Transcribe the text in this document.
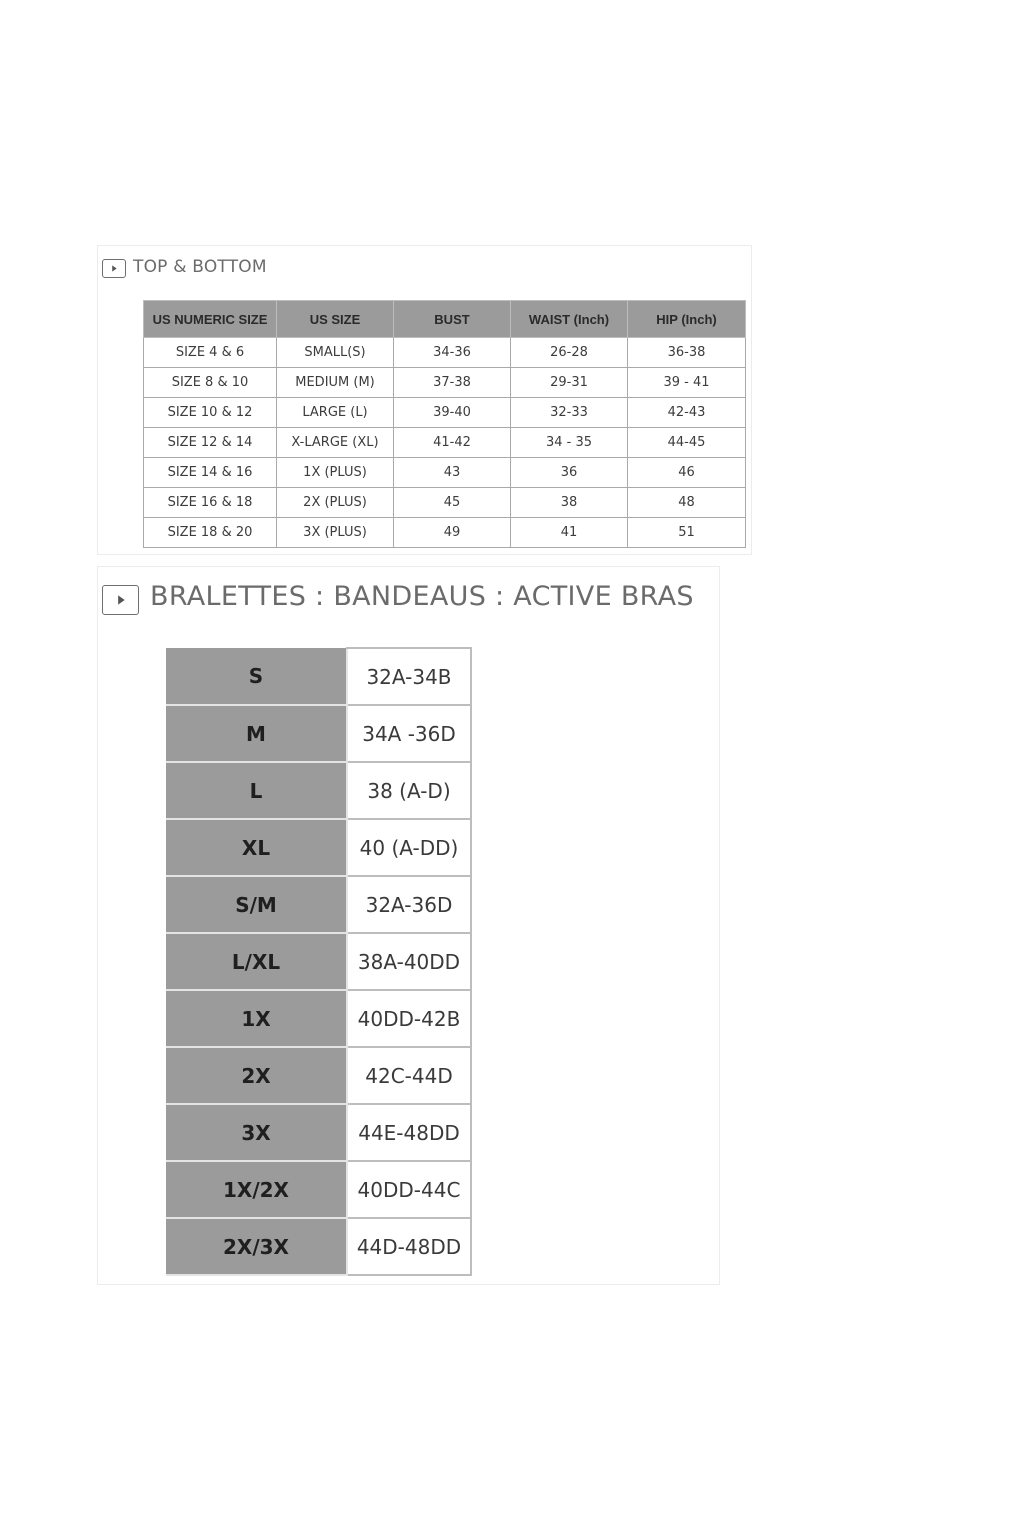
TOP & BOTTOM
US NUMERIC SIZE	US SIZE	BUST	WAIST (Inch)	HIP (Inch)
SIZE 4 & 6	SMALL(S)	34-36	26-28	36-38
SIZE 8 & 10	MEDIUM (M)	37-38	29-31	39 - 41
SIZE 10 & 12	LARGE (L)	39-40	32-33	42-43
SIZE 12 & 14	X-LARGE (XL)	41-42	34 - 35	44-45
SIZE 14 & 16	1X (PLUS)	43	36	46
SIZE 16 & 18	2X (PLUS)	45	38	48
SIZE 18 & 20	3X (PLUS)	49	41	51
BRALETTES : BANDEAUS : ACTIVE BRAS
S	32A-34B
M	34A -36D
L	38 (A-D)
XL	40 (A-DD)
S/M	32A-36D
L/XL	38A-40DD
1X	40DD-42B
2X	42C-44D
3X	44E-48DD
1X/2X	40DD-44C
2X/3X	44D-48DD
